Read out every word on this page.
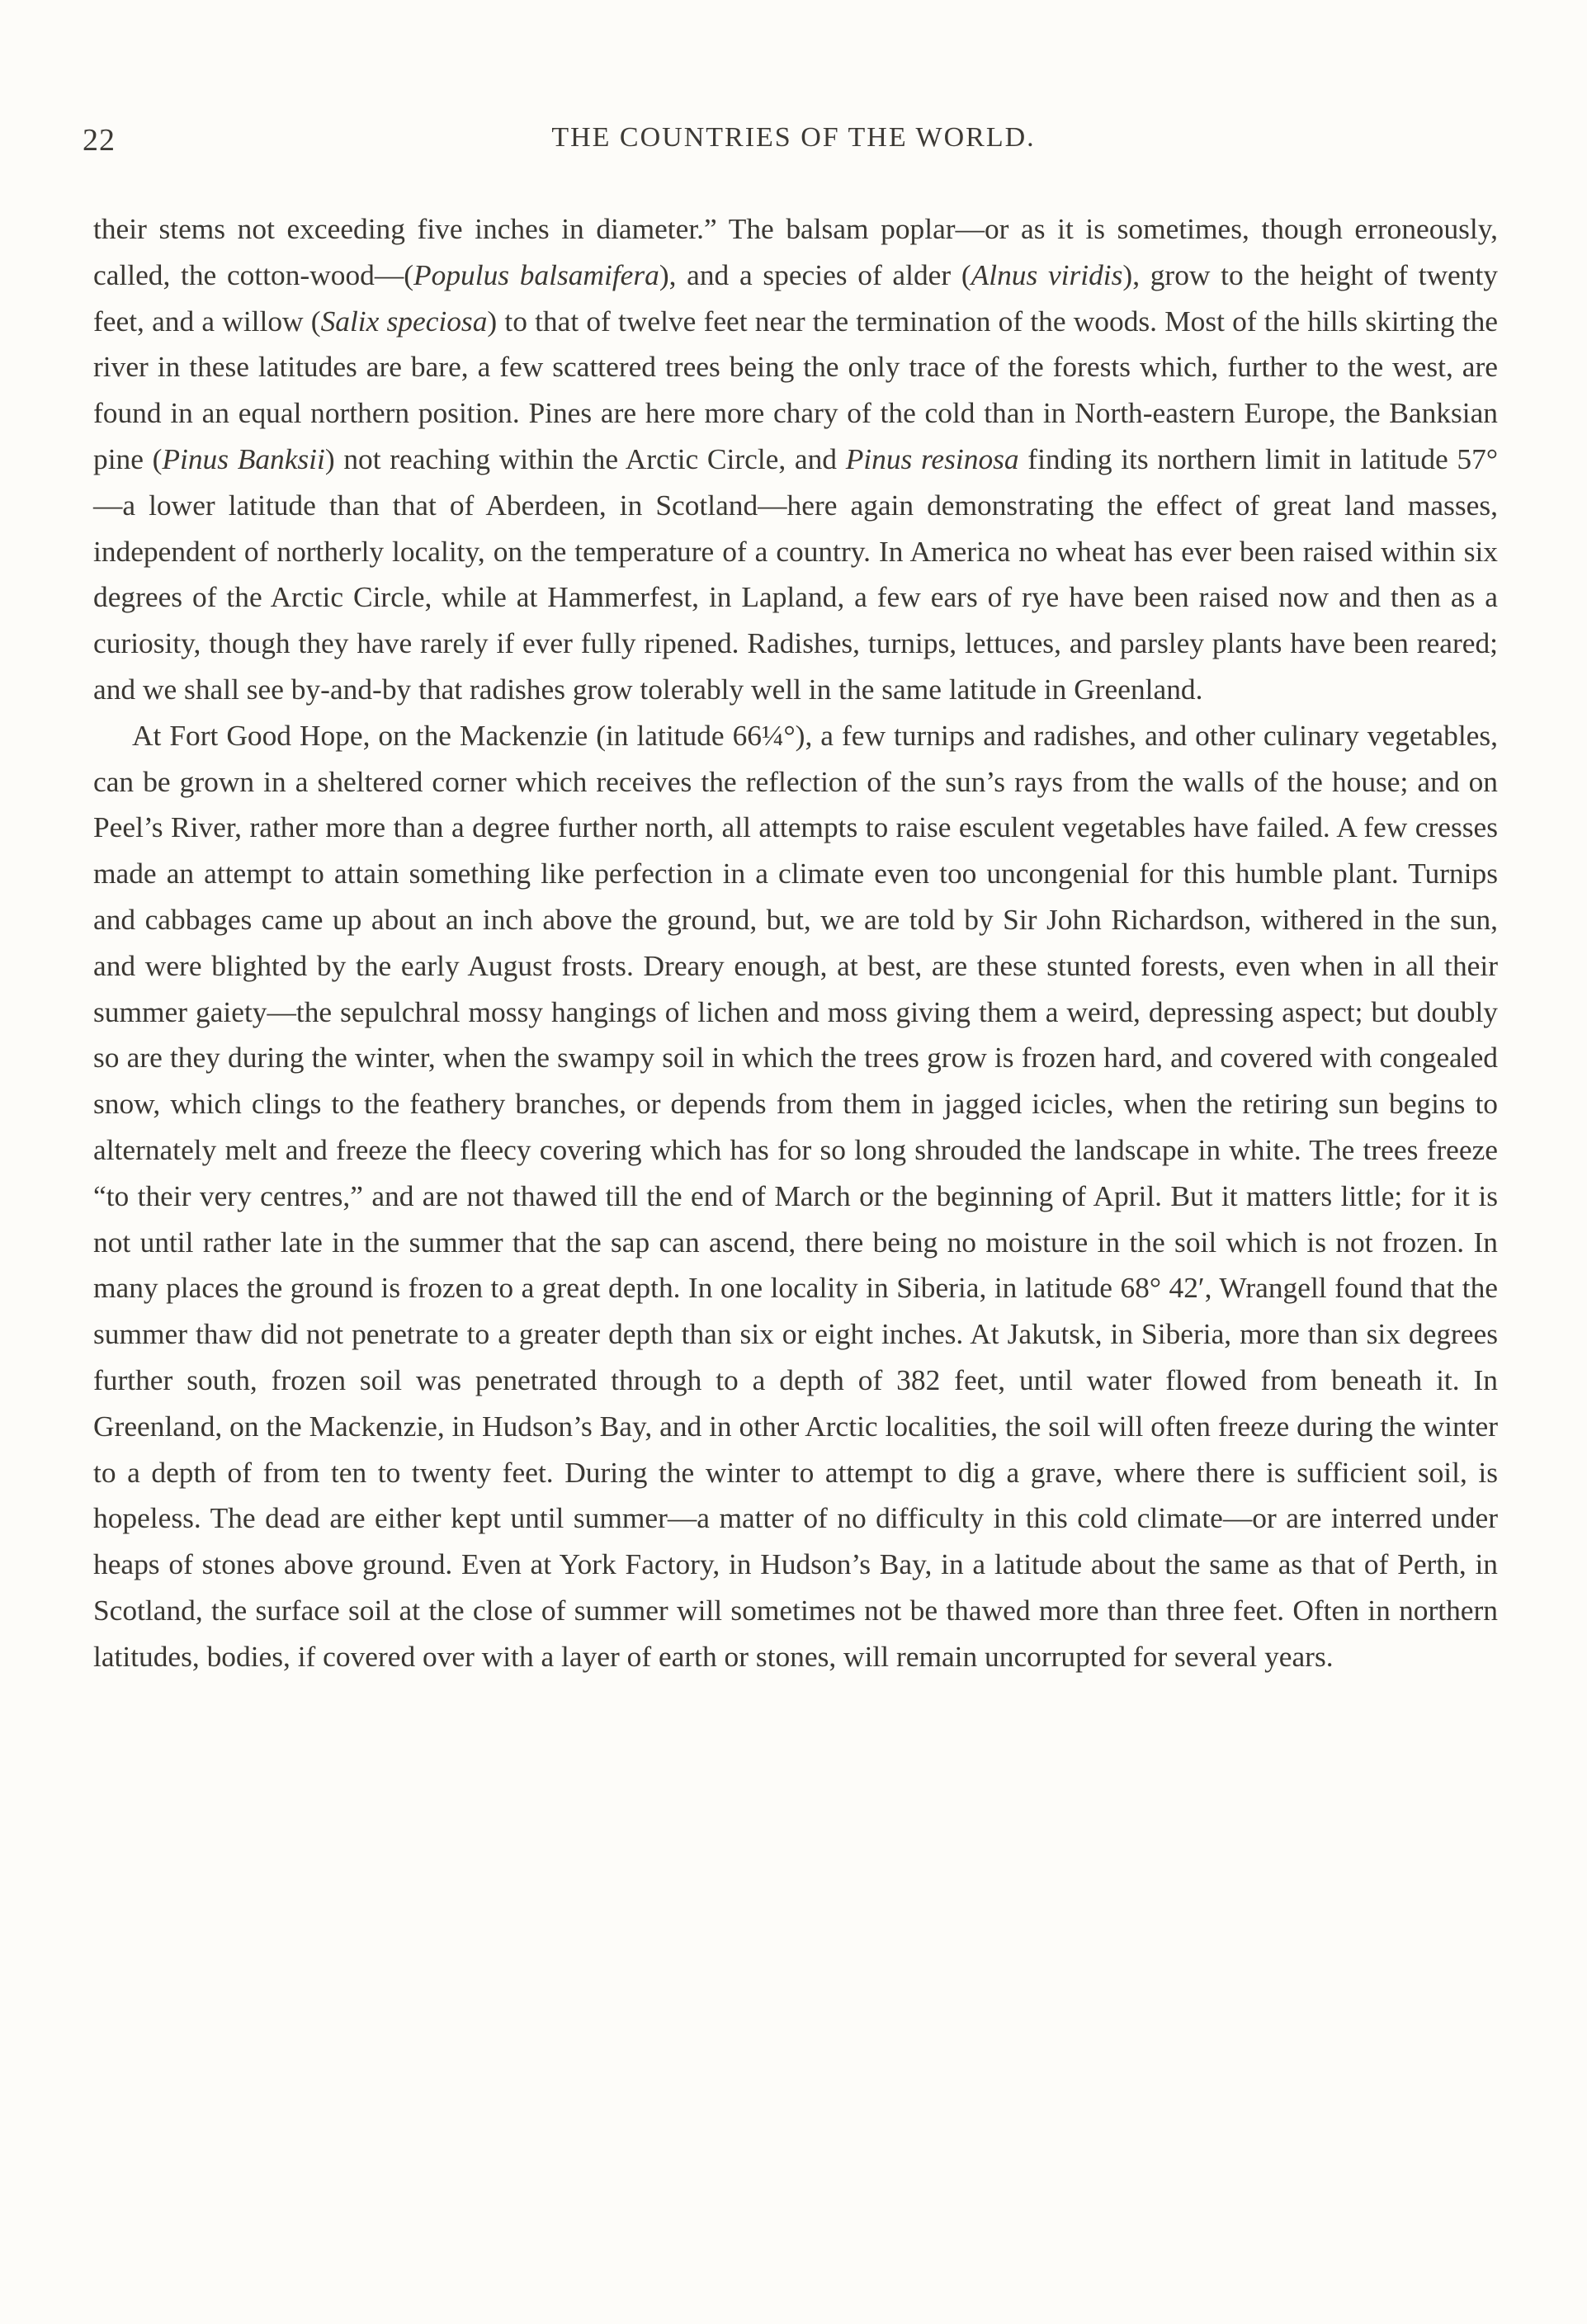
22	THE COUNTRIES OF THE WORLD.

their stems not exceeding five inches in diameter.” The balsam poplar—or as it is sometimes, though erroneously, called, the cotton-wood—(Populus balsamifera), and a species of alder (Alnus viridis), grow to the height of twenty feet, and a willow (Salix speciosa) to that of twelve feet near the termination of the woods. Most of the hills skirting the river in these latitudes are bare, a few scattered trees being the only trace of the forests which, further to the west, are found in an equal northern position. Pines are here more chary of the cold than in North-eastern Europe, the Banksian pine (Pinus Banksii) not reaching within the Arctic Circle, and Pinus resinosa finding its northern limit in latitude 57°—a lower latitude than that of Aberdeen, in Scotland—here again demonstrating the effect of great land masses, independent of northerly locality, on the temperature of a country. In America no wheat has ever been raised within six degrees of the Arctic Circle, while at Hammerfest, in Lapland, a few ears of rye have been raised now and then as a curiosity, though they have rarely if ever fully ripened. Radishes, turnips, lettuces, and parsley plants have been reared; and we shall see by-and-by that radishes grow tolerably well in the same latitude in Greenland.

At Fort Good Hope, on the Mackenzie (in latitude 66¼°), a few turnips and radishes, and other culinary vegetables, can be grown in a sheltered corner which receives the reflection of the sun’s rays from the walls of the house; and on Peel’s River, rather more than a degree further north, all attempts to raise esculent vegetables have failed. A few cresses made an attempt to attain something like perfection in a climate even too uncongenial for this humble plant. Turnips and cabbages came up about an inch above the ground, but, we are told by Sir John Richardson, withered in the sun, and were blighted by the early August frosts. Dreary enough, at best, are these stunted forests, even when in all their summer gaiety—the sepulchral mossy hangings of lichen and moss giving them a weird, depressing aspect; but doubly so are they during the winter, when the swampy soil in which the trees grow is frozen hard, and covered with congealed snow, which clings to the feathery branches, or depends from them in jagged icicles, when the retiring sun begins to alternately melt and freeze the fleecy covering which has for so long shrouded the landscape in white. The trees freeze “to their very centres,” and are not thawed till the end of March or the beginning of April. But it matters little; for it is not until rather late in the summer that the sap can ascend, there being no moisture in the soil which is not frozen. In many places the ground is frozen to a great depth. In one locality in Siberia, in latitude 68° 42′, Wrangell found that the summer thaw did not penetrate to a greater depth than six or eight inches. At Jakutsk, in Siberia, more than six degrees further south, frozen soil was penetrated through to a depth of 382 feet, until water flowed from beneath it. In Greenland, on the Mackenzie, in Hudson’s Bay, and in other Arctic localities, the soil will often freeze during the winter to a depth of from ten to twenty feet. During the winter to attempt to dig a grave, where there is sufficient soil, is hopeless. The dead are either kept until summer—a matter of no difficulty in this cold climate—or are interred under heaps of stones above ground. Even at York Factory, in Hudson’s Bay, in a latitude about the same as that of Perth, in Scotland, the surface soil at the close of summer will sometimes not be thawed more than three feet. Often in northern latitudes, bodies, if covered over with a layer of earth or stones, will remain uncorrupted for several years.
